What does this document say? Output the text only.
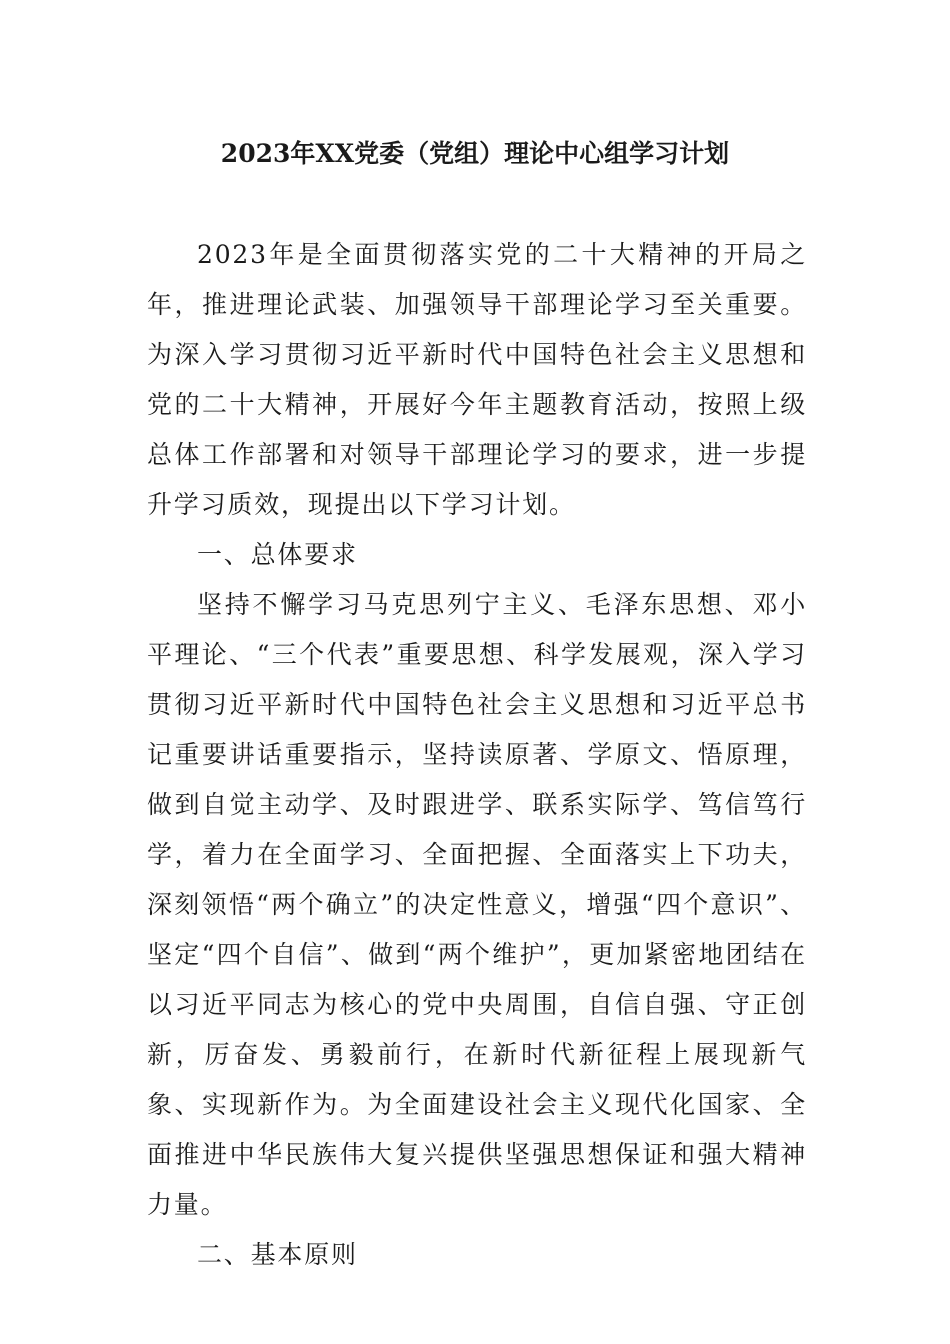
2023年XX党委（党组）理论中心组学习计划

2023年是全面贯彻落实党的二十大精神的开局之年，推进理论武装、加强领导干部理论学习至关重要。为深入学习贯彻习近平新时代中国特色社会主义思想和党的二十大精神，开展好今年主题教育活动，按照上级总体工作部署和对领导干部理论学习的要求，进一步提升学习质效，现提出以下学习计划。

一、总体要求

坚持不懈学习马克思列宁主义、毛泽东思想、邓小平理论、“三个代表”重要思想、科学发展观，深入学习贯彻习近平新时代中国特色社会主义思想和习近平总书记重要讲话重要指示，坚持读原著、学原文、悟原理，做到自觉主动学、及时跟进学、联系实际学、笃信笃行学，着力在全面学习、全面把握、全面落实上下功夫，深刻领悟“两个确立”的决定性意义，增强“四个意识”、坚定“四个自信”、做到“两个维护”，更加紧密地团结在以习近平同志为核心的党中央周围，自信自强、守正创新，厉奋发、勇毅前行，在新时代新征程上展现新气象、实现新作为。为全面建设社会主义现代化国家、全面推进中华民族伟大复兴提供坚强思想保证和强大精神力量。

二、基本原则
